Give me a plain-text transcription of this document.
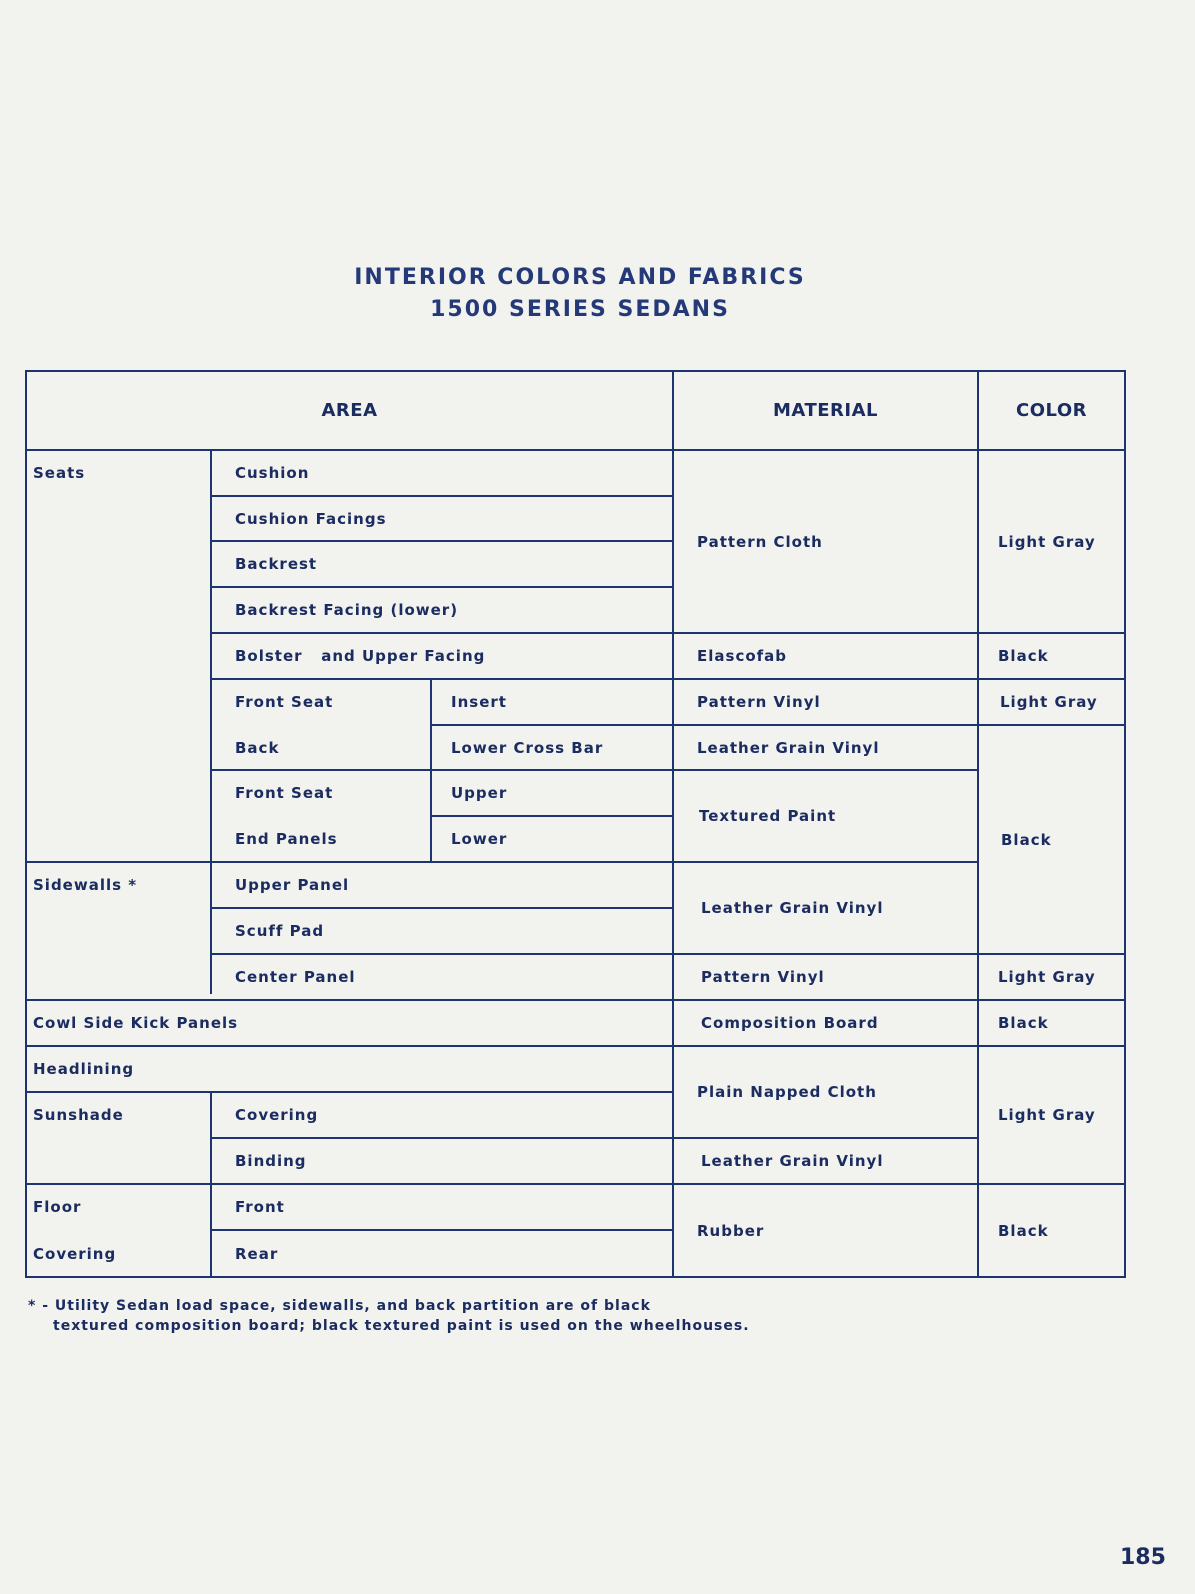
INTERIOR COLORS AND FABRICS
1500 SERIES SEDANS
AREA	MATERIAL	COLOR
Seats
Sidewalls *
Cowl Side Kick Panels
Headlining
Sunshade
Floor
Covering
Cushion
Cushion Facings
Backrest
Backrest Facing (lower)
Bolster   and Upper Facing
Front Seat
Back
Front Seat
End Panels
Upper Panel
Scuff Pad
Center Panel
Covering
Binding
Front
Rear
Insert
Lower Cross Bar
Upper
Lower
Pattern Cloth
Elascofab
Pattern Vinyl
Leather Grain Vinyl
Textured Paint
Leather Grain Vinyl
Pattern Vinyl
Composition Board
Plain Napped Cloth
Leather Grain Vinyl
Rubber
Light Gray
Black
Light Gray
Black
Light Gray
Black
Light Gray
Black
* - Utility Sedan load space, sidewalls, and back partition are of black
textured composition board; black textured paint is used on the wheelhouses.
185
